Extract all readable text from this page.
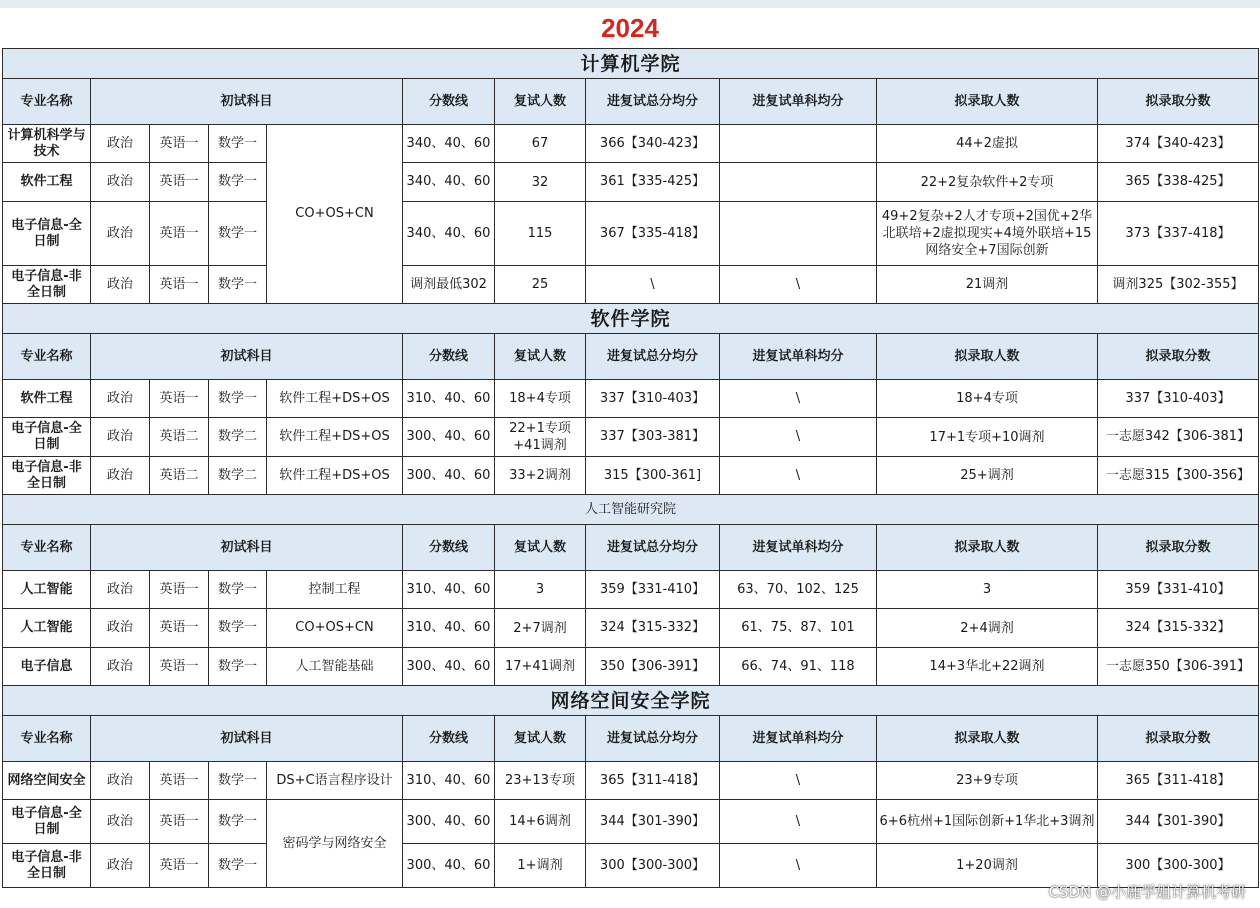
2024
计算机学院										
专业名称	初试科目				分数线	复试人数	进复试总分均分	进复试单科均分	拟录取人数	拟录取分数
计算机科学与技术	政治	英语一	数学一	CO+OS+CN	340、40、60	67	366【340-423】		44+2虚拟	374【340-423】
软件工程	政治	英语一	数学一		340、40、60	32	361【335-425】		22+2复杂软件+2专项	365【338-425】
电子信息-全日制	政治	英语一	数学一		340、40、60	115	367【335-418】		49+2复杂+2人才专项+2国优+2华北联培+2虚拟现实+4境外联培+15网络安全+7国际创新	373【337-418】
电子信息-非全日制	政治	英语一	数学一		调剂最低302	25	\	\	21调剂	调剂325【302-355】
软件学院										
专业名称	初试科目				分数线	复试人数	进复试总分均分	进复试单科均分	拟录取人数	拟录取分数
软件工程	政治	英语一	数学一	软件工程+DS+OS	310、40、60	18+4专项	337【310-403】	\	18+4专项	337【310-403】
电子信息-全日制	政治	英语二	数学二	软件工程+DS+OS	300、40、60	22+1专项+41调剂	337【303-381】	\	17+1专项+10调剂	一志愿342【306-381】
电子信息-非全日制	政治	英语二	数学二	软件工程+DS+OS	300、40、60	33+2调剂	315【300-361]	\	25+调剂	一志愿315【300-356】
人工智能研究院										
专业名称	初试科目				分数线	复试人数	进复试总分均分	进复试单科均分	拟录取人数	拟录取分数
人工智能	政治	英语一	数学一	控制工程	310、40、60	3	359【331-410】	63、70、102、125	3	359【331-410】
人工智能	政治	英语一	数学一	CO+OS+CN	310、40、60	2+7调剂	324【315-332】	61、75、87、101	2+4调剂	324【315-332】
电子信息	政治	英语一	数学一	人工智能基础	300、40、60	17+41调剂	350【306-391】	66、74、91、118	14+3华北+22调剂	一志愿350【306-391】
网络空间安全学院										
专业名称	初试科目				分数线	复试人数	进复试总分均分	进复试单科均分	拟录取人数	拟录取分数
网络空间安全	政治	英语一	数学一	DS+C语言程序设计	310、40、60	23+13专项	365【311-418】	\	23+9专项	365【311-418】
电子信息-全日制	政治	英语一	数学一	密码学与网络安全	300、40、60	14+6调剂	344【301-390】	\	6+6杭州+1国际创新+1华北+3调剂	344【301-390】
电子信息-非全日制	政治	英语一	数学一		300、40、60	1+调剂	300【300-300】	\	1+20调剂	300【300-300】
CSDN @小鹿学姐计算机考研
